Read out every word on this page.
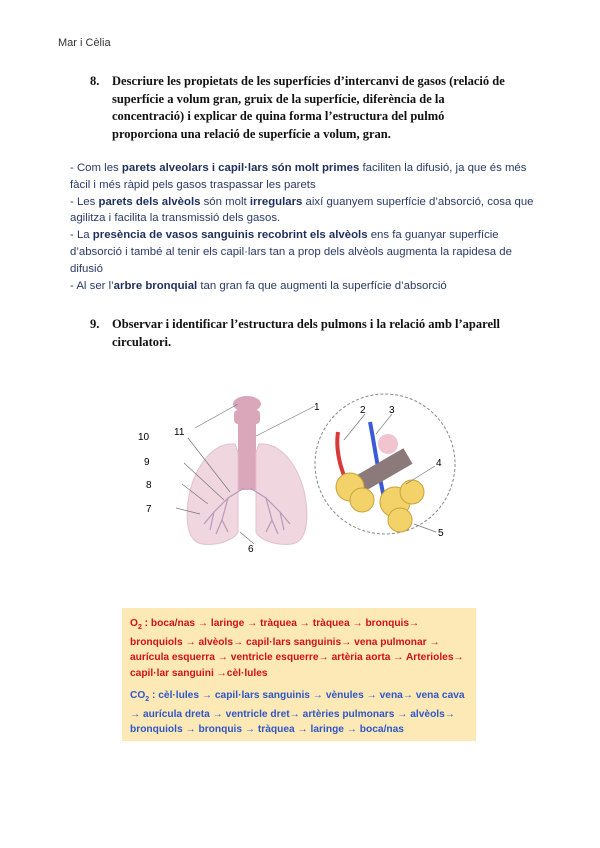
Mar i Cèlia
8. Descriure les propietats de les superfícies d’intercanvi de gasos (relació de
superfície a volum gran, gruix de la superfície, diferència de la
concentració) i explicar de quina forma l’estructura del pulmó
proporciona una relació de superfície a volum, gran.

- Com les parets alveolars i capil·lars són molt primes faciliten la difusió, ja que és més fàcil i més ràpid pels gasos traspassar les parets

- Les parets dels alvèols són molt irregulars així guanyem superfície d’absorció, cosa que agilitza i facilita la transmissió dels gasos.

- La presència de vasos sanguinis recobrint els alvèols ens fa guanyar superfície d’absorció i també al tenir els capil·lars tan a prop dels alvèols augmenta la rapidesa de difusió

- Al ser l’arbre bronquial tan gran fa que augmenti la superfície d’absorció

9. Observar i identificar l’estructura dels pulmons i la relació amb l’aparell
circulatori.
11
1
10
9
8
7
6
2 3
4
5

$O_2$ : boca/nas → laringe → tràquea → tràquea → bronquis→ bronquiols → alvèols→ capil·lars sanguinis→ vena pulmonar → aurícula esquerra → ventricle esquerre→ artèria aorta → Arterioles→ capil·lar sanguini →cèl·lules

$CO_2$ : cèl·lules → capil·lars sanguinis → vènules → vena→ vena cava → aurícula dreta → ventricle dret→ artèries pulmonars → alvèols→ bronquiols → bronquis → tràquea → laringe → boca/nas
